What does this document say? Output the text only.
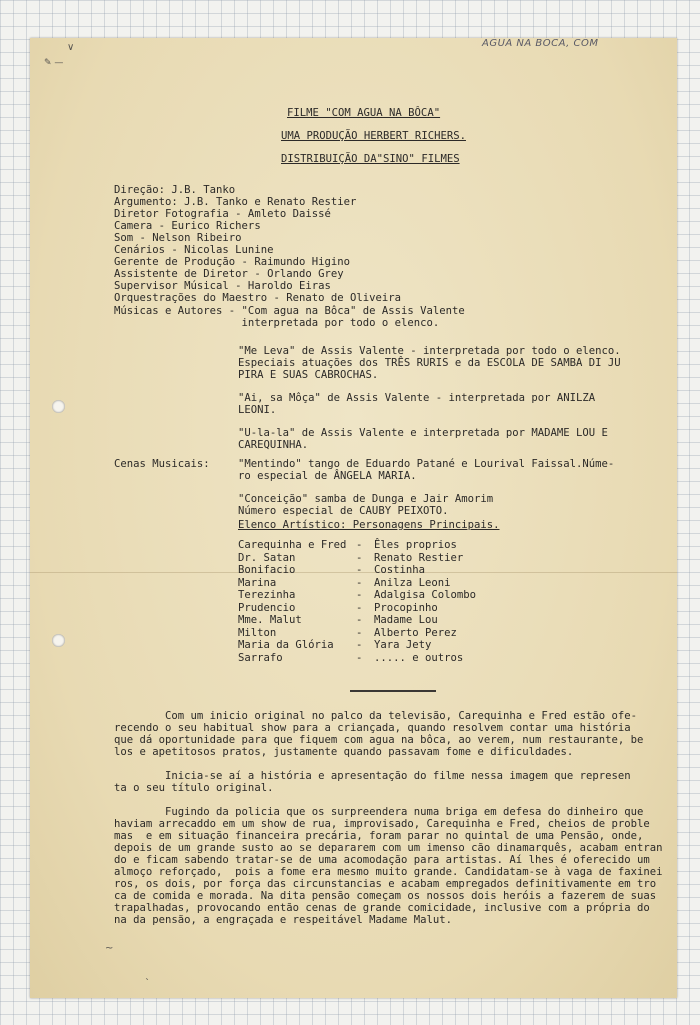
∨
✎ —
AGUA NA BOCA, COM
FILME "COM AGUA NA BÔCA"
UMA PRODUÇÃO HERBERT RICHERS.
DISTRIBUIÇÃO DA"SINO" FILMES
Direção: J.B. Tanko
Argumento: J.B. Tanko e Renato Restier
Diretor Fotografia - Amleto Daissé
Camera - Eurico Richers
Som - Nelson Ribeiro
Cenários - Nicolas Lunine
Gerente de Produção - Raimundo Higino
Assistente de Diretor - Orlando Grey
Supervisor Músical - Haroldo Eiras
Orquestrações do Maestro - Renato de Oliveira
Músicas e Autores - "Com agua na Bôca" de Assis Valente
interpretada por todo o elenco.
"Me Leva" de Assis Valente - interpretada por todo o elenco.
Especiais atuações dos TRÊS RURIS e da ESCOLA DE SAMBA DI JU
PIRA E SUAS CABROCHAS.
"Ai, sa Môça" de Assis Valente - interpretada por ANILZA
LEONI.
"U-la-la" de Assis Valente e interpretada por MADAME LOU E
CAREQUINHA.
Cenas Musicais:	"Mentindo" tango de Eduardo Patané e Lourival Faissal.Núme-
ro especial de ÂNGELA MARIA.
"Conceição" samba de Dunga e Jair Amorim
Número especial de CAUBY PEIXOTO.
Elenco Artístico: Personagens Principais.
Carequinha e Fred - Êles proprios
Dr. Satan	- Renato Restier
Bonifacio	- Costinha
Marina	- Anilza Leoni
Terezinha	- Adalgisa Colombo
Prudencio	- Procopinho
Mme. Malut	- Madame Lou
Milton	- Alberto Perez
Maria da Glória - Yara Jety
Sarrafo	- ..... e outros
Com um inicio original no palco da televisão, Carequinha e Fred estão ofe-
recendo o seu habitual show para a criançada, quando resolvem contar uma história
que dá oportunidade para que fiquem com agua na bôca, ao verem, num restaurante, be
los e apetitosos pratos, justamente quando passavam fome e dificuldades.
Inicia-se aí a história e apresentação do filme nessa imagem que represen
ta o seu título original.
Fugindo da policia que os surpreendera numa briga em defesa do dinheiro que
haviam arrecaddo em um show de rua, improvisado, Carequinha e Fred, cheios de proble
mas  e em situação financeira precária, foram parar no quintal de uma Pensão, onde,
depois de um grande susto ao se depararem com um imenso cão dinamarquês, acabam entran
do e ficam sabendo tratar-se de uma acomodação para artistas. Aí lhes é oferecido um
almoço reforçado,  pois a fome era mesmo muito grande. Candidatam-se à vaga de faxinei
ros, os dois, por força das circunstancias e acabam empregados definitivamente em tro
ca de comida e morada. Na dita pensão começam os nossos dois heróis a fazerem de suas
trapalhadas, provocando então cenas de grande comicidade, inclusive com a própria do
na da pensão, a engraçada e respeitável Madame Malut.
~
`
